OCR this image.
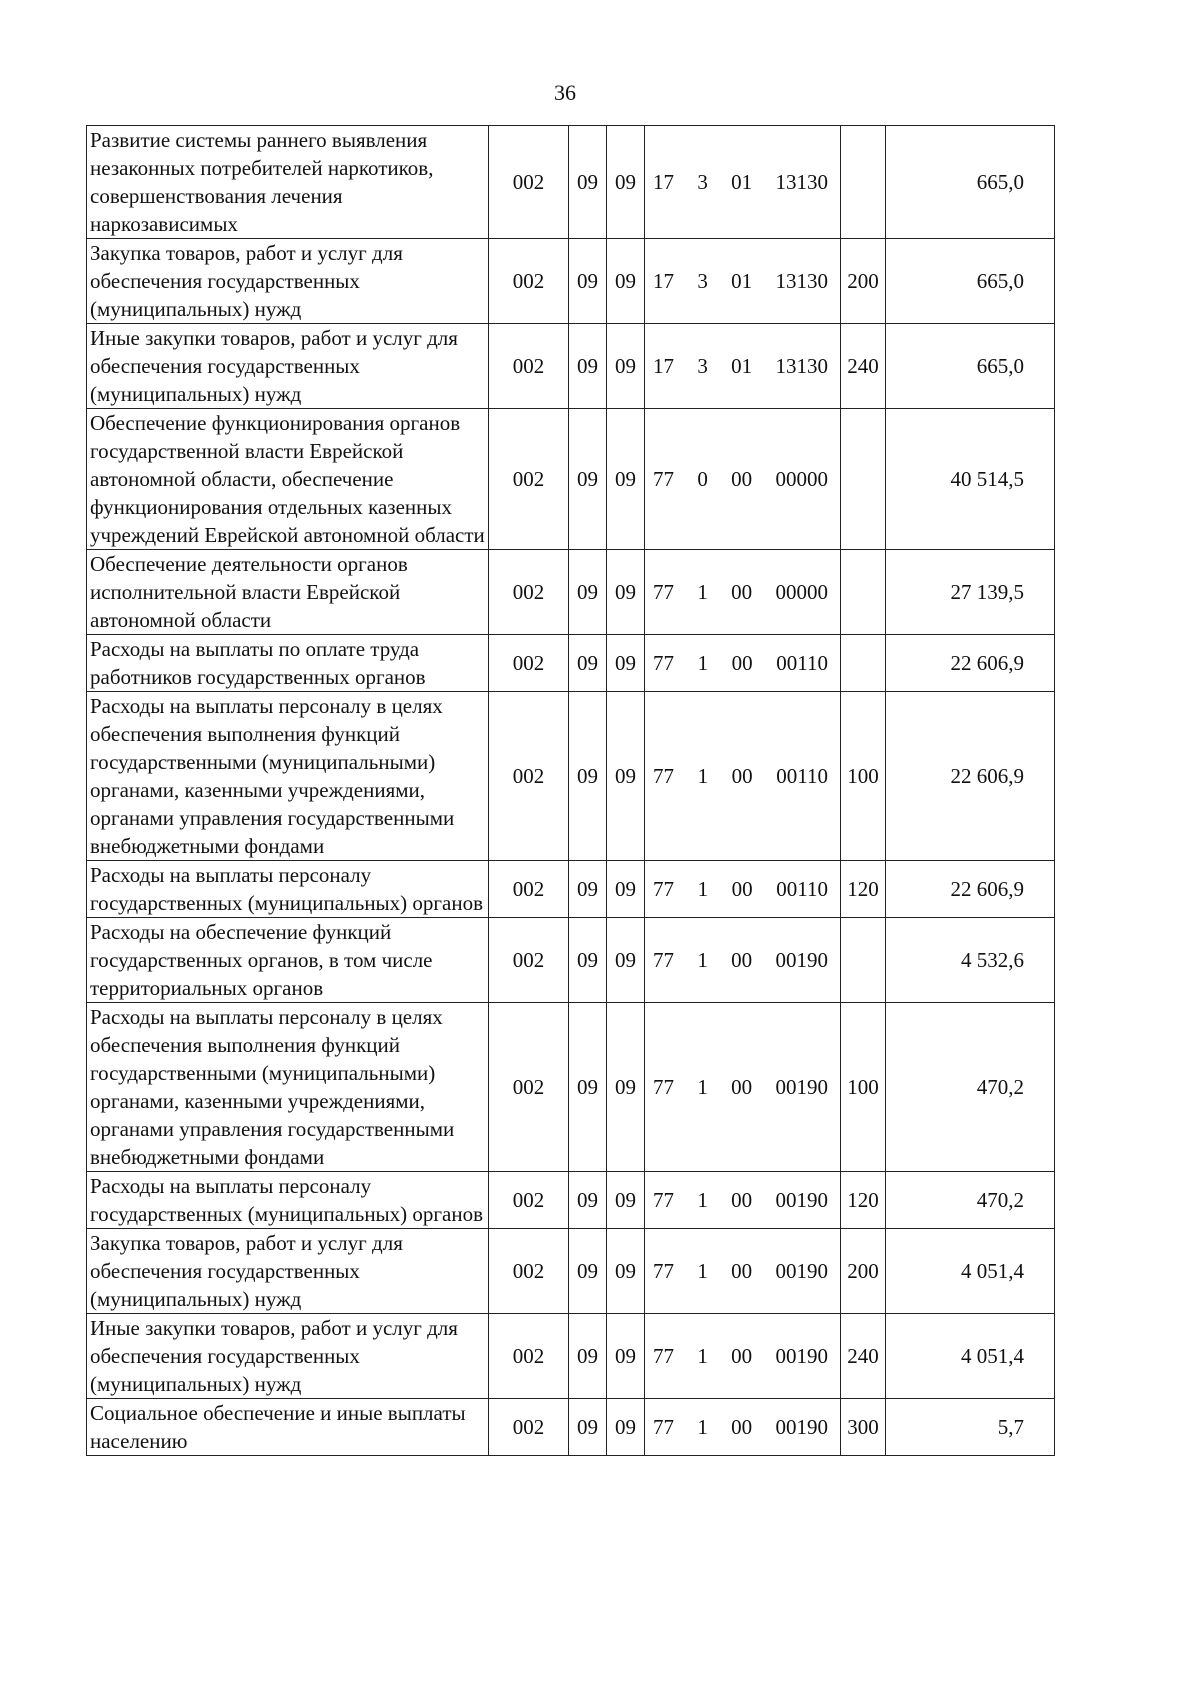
36
Развитие системы раннего выявления незаконных потребителей наркотиков, совершенствования лечения наркозависимых	002	09	09	17 3 01 13130		665,0
Закупка товаров, работ и услуг для обеспечения государственных (муниципальных) нужд	002	09	09	17 3 01 13130	200	665,0
Иные закупки товаров, работ и услуг для обеспечения государственных (муниципальных) нужд	002	09	09	17 3 01 13130	240	665,0
Обеспечение функционирования органов государственной власти Еврейской автономной области, обеспечение функционирования отдельных казенных учреждений Еврейской автономной области	002	09	09	77 0 00 00000		40 514,5
Обеспечение деятельности органов исполнительной власти Еврейской автономной области	002	09	09	77 1 00 00000		27 139,5
Расходы на выплаты по оплате труда работников государственных органов	002	09	09	77 1 00 00110		22 606,9
Расходы на выплаты персоналу в целях обеспечения выполнения функций государственными (муниципальными) органами, казенными учреждениями, органами управления государственными внебюджетными фондами	002	09	09	77 1 00 00110	100	22 606,9
Расходы на выплаты персоналу государственных (муниципальных) органов	002	09	09	77 1 00 00110	120	22 606,9
Расходы на обеспечение функций государственных органов, в том числе территориальных органов	002	09	09	77 1 00 00190		4 532,6
Расходы на выплаты персоналу в целях обеспечения выполнения функций государственными (муниципальными) органами, казенными учреждениями, органами управления государственными внебюджетными фондами	002	09	09	77 1 00 00190	100	470,2
Расходы на выплаты персоналу государственных (муниципальных) органов	002	09	09	77 1 00 00190	120	470,2
Закупка товаров, работ и услуг для обеспечения государственных (муниципальных) нужд	002	09	09	77 1 00 00190	200	4 051,4
Иные закупки товаров, работ и услуг для обеспечения государственных (муниципальных) нужд	002	09	09	77 1 00 00190	240	4 051,4
Социальное обеспечение и иные выплаты населению	002	09	09	77 1 00 00190	300	5,7
